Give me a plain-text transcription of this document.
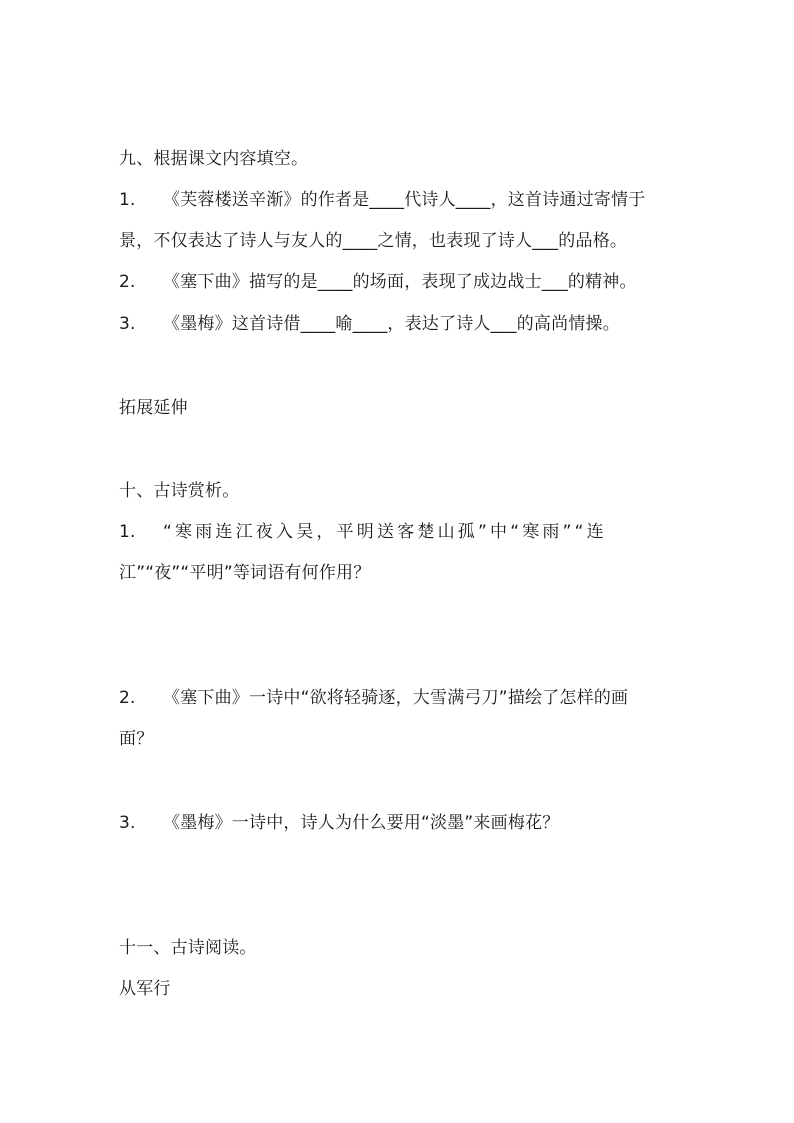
九、根据课文内容填空。
1. 《芙蓉楼送辛渐》的作者是____代诗人____，这首诗通过寄情于
景，不仅表达了诗人与友人的____之情，也表现了诗人___的品格。
2. 《塞下曲》描写的是____的场面，表现了成边战士___的精神。
3. 《墨梅》这首诗借____喻____，表达了诗人___的高尚情操。
拓展延伸
十、古诗赏析。
1. “寒雨连江夜入吴，平明送客楚山孤”中“寒雨”“连
江”“夜”“平明”等词语有何作用？
2. 《塞下曲》一诗中“欲将轻骑逐，大雪满弓刀”描绘了怎样的画
面？
3. 《墨梅》一诗中，诗人为什么要用“淡墨”来画梅花？
十一、古诗阅读。
从军行
